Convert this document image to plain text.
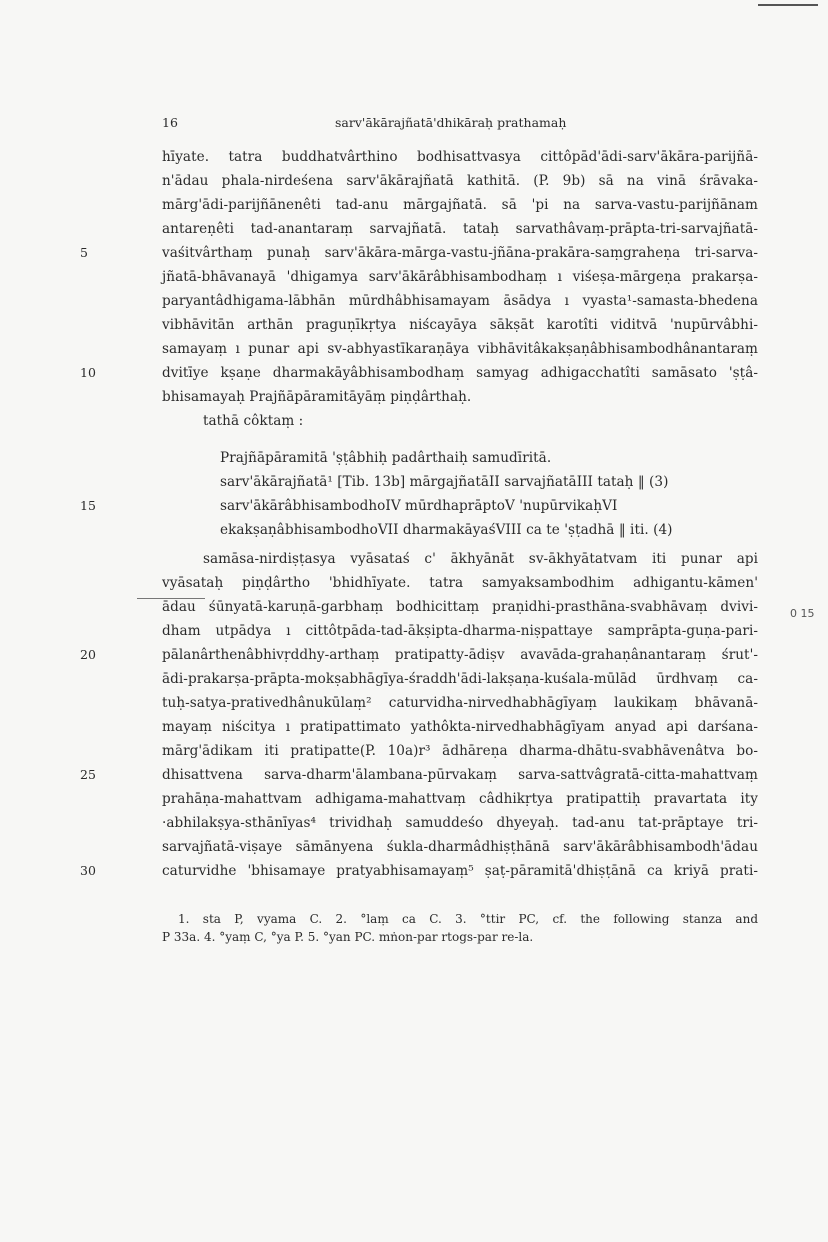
16	sarv'ākārajñatā'dhikāraḥ prathamaḥ
hīyate. tatra buddhatvârthino bodhisattvasya cittôpād'ādi-sarv'ākāra-parijñā-
n'ādau phala-nirdeśena sarv'ākārajñatā kathitā. (P. 9b) sā na vinā śrāvaka-
mārg'ādi-parijñānenêti tad-anu mārgajñatā. sā 'pi na sarva-vastu-parijñānam
antareṇêti tad-anantaraṃ sarvajñatā. tataḥ sarvathâvaṃ-prāpta-tri-sarvajñatā-
vaśitvârthaṃ punaḥ sarv'ākāra-mārga-vastu-jñāna-prakāra-saṃgraheṇa tri-sarva-
jñatā-bhāvanayā 'dhigamya sarv'ākārâbhisambodhaṃ ı viśeṣa-mārgeṇa prakarṣa-
paryantâdhigama-lābhān mūrdhâbhisamayam āsādya ı vyasta¹-samasta-bhedena
vibhāvitān arthān praguṇīkṛtya niścayāya sākṣāt karotîti viditvā 'nupūrvâbhi-
samayaṃ ı punar api sv-abhyastīkaraṇāya vibhāvitâkakṣaṇâbhisambodhânantaraṃ
dvitīye kṣaṇe dharmakāyâbhisambodhaṃ samyag adhigacchatîti samāsato 'ṣṭâ-
bhisamayaḥ Prajñāpāramitāyāṃ piṇḍârthaḥ.
tathā côktaṃ :
Prajñāpāramitā 'ṣṭâbhiḥ padârthaiḥ samudīritā.
sarv'ākārajñatā¹ [Tib. 13b] mārgajñatāII sarvajñatāIII tataḥ ‖ (3)
sarv'ākārâbhisambodhoIV mūrdhaprāptoV 'nupūrvikaḥVI
ekakṣaṇâbhisambodhoVII dharmakāyaśVIII ca te 'ṣṭadhā ‖ iti. (4)
samāsa-nirdiṣṭasya vyāsataś c' ākhyānāt sv-ākhyātatvam iti punar api
vyāsataḥ piṇḍârtho 'bhidhīyate. tatra samyaksambodhim adhigantu-kāmen'
ādau śūnyatā-karuṇā-garbhaṃ bodhicittaṃ praṇidhi-prasthāna-svabhāvaṃ dvivi-
dham utpādya ı cittôtpāda-tad-ākṣipta-dharma-niṣpattaye samprāpta-guṇa-pari-
pālanârthenâbhivṛddhy-arthaṃ pratipatty-ādiṣv avavāda-grahaṇânantaraṃ śrut'-
ādi-prakarṣa-prāpta-mokṣabhāgīya-śraddh'ādi-lakṣaṇa-kuśala-mūlād ūrdhvaṃ ca-
tuḥ-satya-prativedhânukūlaṃ² caturvidha-nirvedhabhāgīyaṃ laukikaṃ bhāvanā-
mayaṃ niścitya ı pratipattimato yathôkta-nirvedhabhāgīyam anyad api darśana-
mārg'ādikam iti pratipatte(P. 10a)r³ ādhāreṇa dharma-dhātu-svabhāvenâtva bo-
dhisattvena sarva-dharm'ālambana-pūrvakaṃ sarva-sattvâgratā-citta-mahattvaṃ
prahāṇa-mahattvam adhigama-mahattvaṃ câdhikṛtya pratipattiḥ pravartata ity
·abhilakṣya-sthānīyas⁴ trividhaḥ samuddeśo dhyeyaḥ. tad-anu tat-prāptaye tri-
sarvajñatā-viṣaye sāmānyena śukla-dharmâdhiṣṭhānā sarv'ākārâbhisambodh'ādau
caturvidhe 'bhisamaye pratyabhisamayaṃ⁵ ṣaṭ-pāramitā'dhiṣṭānā ca kriyā prati-
5
10
15
20
25
30
0 15
1. sta P, vyama C. 2. °laṃ ca C. 3. °ttir PC, cf. the following stanza and
P 33a. 4. °yaṃ C, °ya P. 5. °yan PC. mṅon-par rtogs-par re-la.
